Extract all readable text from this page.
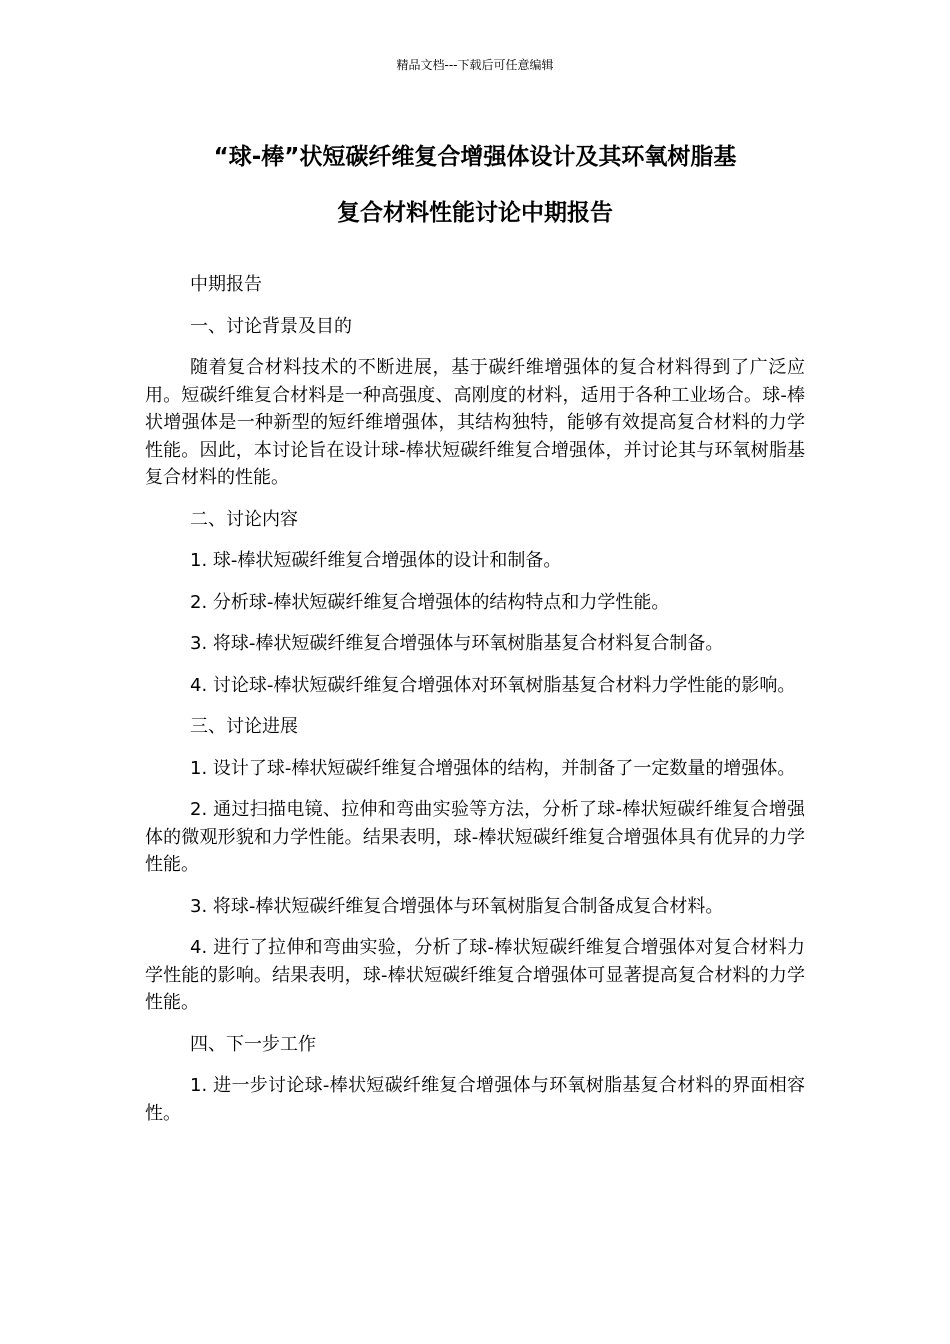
精品文档---下载后可任意编辑
“球-棒”状短碳纤维复合增强体设计及其环氧树脂基
复合材料性能讨论中期报告

中期报告

一、讨论背景及目的

随着复合材料技术的不断进展，基于碳纤维增强体的复合材料得到了广泛应用。短碳纤维复合材料是一种高强度、高刚度的材料，适用于各种工业场合。球-棒状增强体是一种新型的短纤维增强体，其结构独特，能够有效提高复合材料的力学性能。因此，本讨论旨在设计球-棒状短碳纤维复合增强体，并讨论其与环氧树脂基复合材料的性能。

二、讨论内容

1. 球-棒状短碳纤维复合增强体的设计和制备。

2. 分析球-棒状短碳纤维复合增强体的结构特点和力学性能。

3. 将球-棒状短碳纤维复合增强体与环氧树脂基复合材料复合制备。

4. 讨论球-棒状短碳纤维复合增强体对环氧树脂基复合材料力学性能的影响。

三、讨论进展

1. 设计了球-棒状短碳纤维复合增强体的结构，并制备了一定数量的增强体。

2. 通过扫描电镜、拉伸和弯曲实验等方法，分析了球-棒状短碳纤维复合增强体的微观形貌和力学性能。结果表明，球-棒状短碳纤维复合增强体具有优异的力学性能。

3. 将球-棒状短碳纤维复合增强体与环氧树脂复合制备成复合材料。

4. 进行了拉伸和弯曲实验，分析了球-棒状短碳纤维复合增强体对复合材料力学性能的影响。结果表明，球-棒状短碳纤维复合增强体可显著提高复合材料的力学性能。

四、下一步工作

1. 进一步讨论球-棒状短碳纤维复合增强体与环氧树脂基复合材料的界面相容性。
